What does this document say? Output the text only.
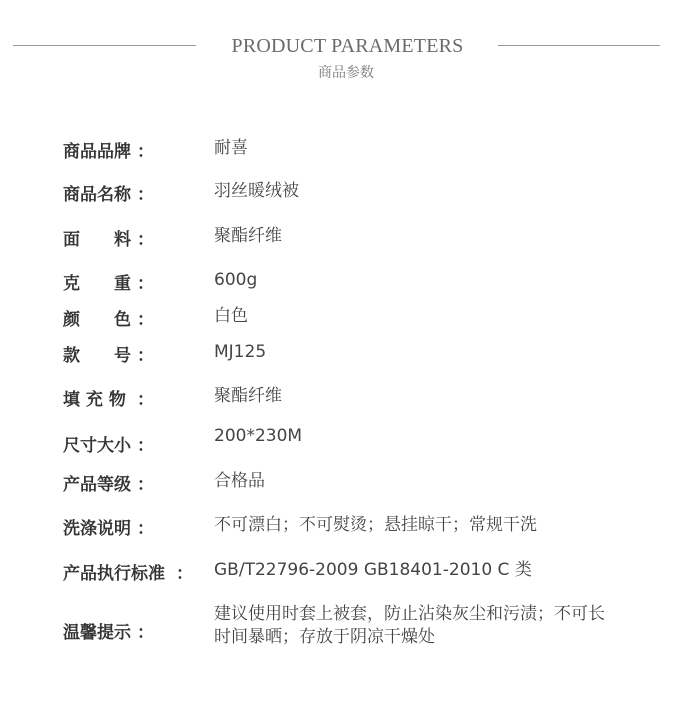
PRODUCT PARAMETERS
商品参数
商品品牌 ：	耐喜
商品名称 ：	羽丝暖绒被
面　　料 ：	聚酯纤维
克　　重 ：	600g
颜　　色 ：	白色
款　　号 ：	MJ125
填 充 物 ：	聚酯纤维
尺寸大小 ：	200*230M
产品等级 ：	合格品
洗涤说明 ：	不可漂白；不可熨烫；悬挂晾干；常规干洗
产品执行标准 ： GB/T22796-2009 GB18401-2010 C 类
温馨提示 ：
建议使用时套上被套，防止沾染灰尘和污渍；不可长
时间暴晒；存放于阴凉干燥处
